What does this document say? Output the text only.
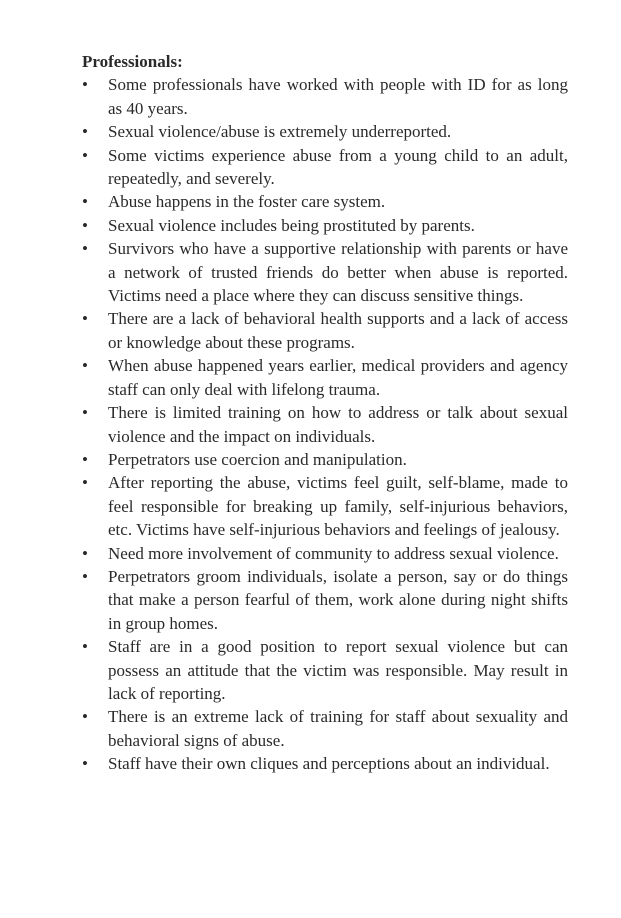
Professionals:

• Some professionals have worked with people with ID for as long as 40 years.
• Sexual violence/abuse is extremely underreported.
• Some victims experience abuse from a young child to an adult, repeatedly, and severely.
• Abuse happens in the foster care system.
• Sexual violence includes being prostituted by parents.
• Survivors who have a supportive relationship with parents or have a network of trusted friends do better when abuse is reported. Victims need a place where they can discuss sensitive things.
• There are a lack of behavioral health supports and a lack of access or knowledge about these programs.
• When abuse happened years earlier, medical providers and agency staff can only deal with lifelong trauma.
• There is limited training on how to address or talk about sexual violence and the impact on individuals.
• Perpetrators use coercion and manipulation.
• After reporting the abuse, victims feel guilt, self-blame, made to feel responsible for breaking up family, self-injurious behaviors, etc. Victims have self-injurious behaviors and feelings of jealousy.
• Need more involvement of community to address sexual violence.
• Perpetrators groom individuals, isolate a person, say or do things that make a person fearful of them, work alone during night shifts in group homes.
• Staff are in a good position to report sexual violence but can possess an attitude that the victim was responsible. May result in lack of reporting.
• There is an extreme lack of training for staff about sexuality and behavioral signs of abuse.
• Staff have their own cliques and perceptions about an individual.
